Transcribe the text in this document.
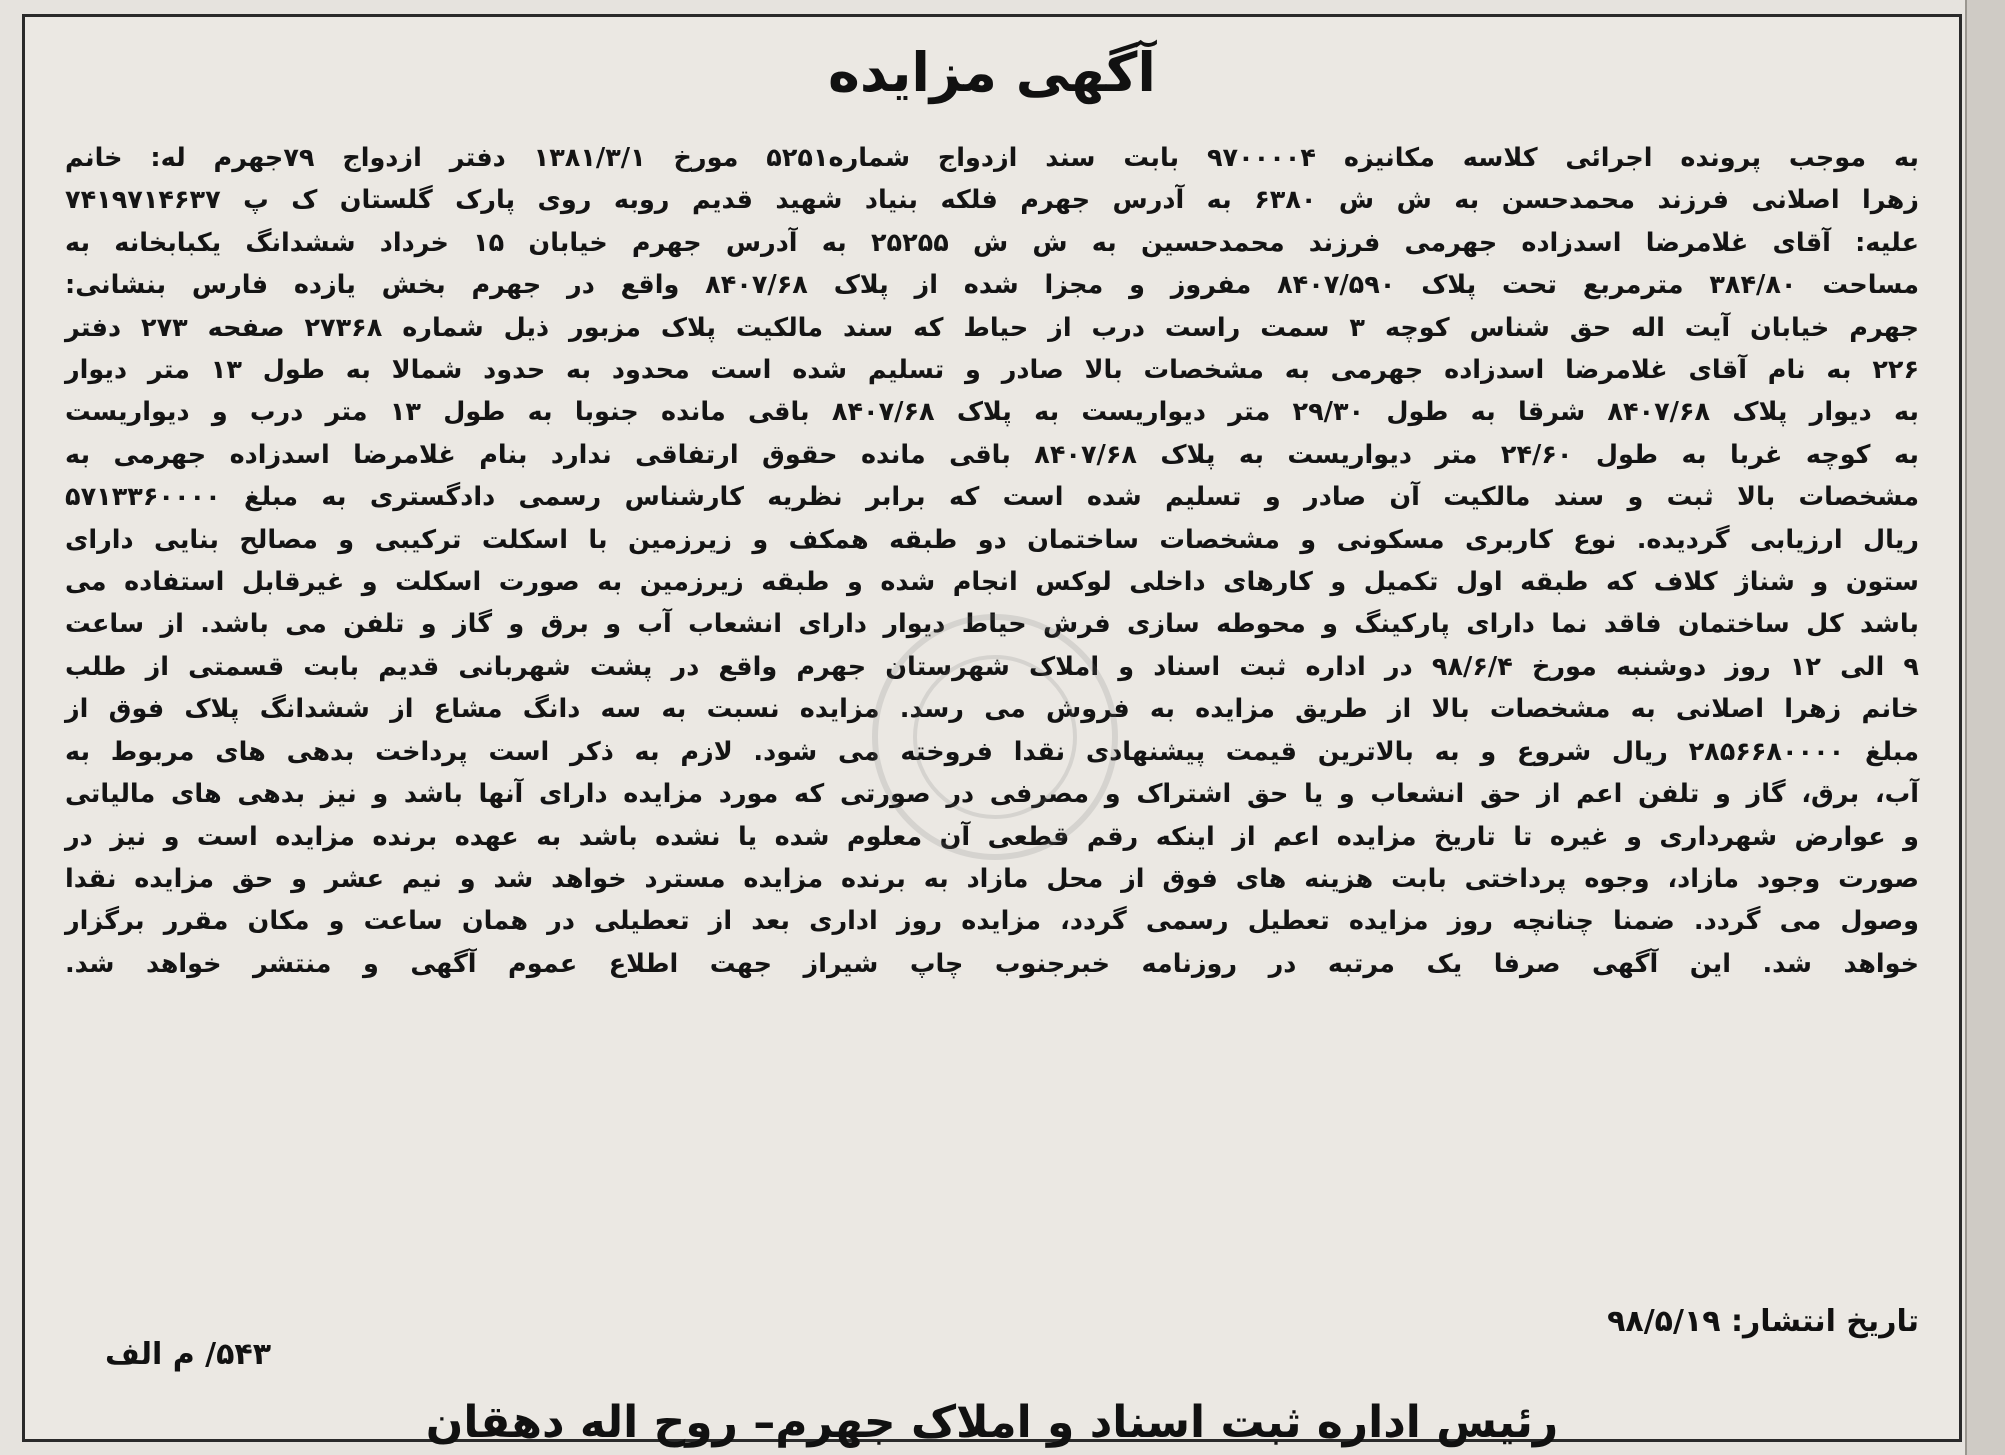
آگهی مزایده
به موجب پرونده اجرائی کلاسه مکانیزه ۹۷۰۰۰۰۴ بابت سند ازدواج شماره۵۲۵۱ مورخ ۱۳۸۱/۳/۱ دفتر ازدواج ۷۹جهرم له: خانم
زهرا اصلانی فرزند محمدحسن به ش ش ۶۳۸۰ به آدرس جهرم فلکه بنیاد شهید قدیم روبه روی پارک گلستان ک پ ۷۴۱۹۷۱۴۶۳۷
علیه: آقای غلامرضا اسدزاده جهرمی فرزند محمدحسین به ش ش ۲۵۲۵۵ به آدرس جهرم خیابان ۱۵ خرداد ششدانگ یکبابخانه به
مساحت ۳۸۴/۸۰ مترمربع تحت پلاک ۸۴۰۷/۵۹۰ مفروز و مجزا شده از پلاک ۸۴۰۷/۶۸ واقع در جهرم بخش یازده فارس بنشانی:
جهرم خیابان آیت اله حق شناس کوچه ۳ سمت راست درب از حیاط که سند مالکیت پلاک مزبور ذیل شماره ۲۷۳۶۸ صفحه ۲۷۳ دفتر
۲۲۶ به نام آقای غلامرضا اسدزاده جهرمی به مشخصات بالا صادر و تسلیم شده است محدود به حدود شمالا به طول ۱۳ متر دیوار
به دیوار پلاک ۸۴۰۷/۶۸ شرقا به طول ۲۹/۳۰ متر دیواریست به پلاک ۸۴۰۷/۶۸ باقی مانده جنوبا به طول ۱۳ متر درب و دیواریست
به کوچه غربا به طول ۲۴/۶۰ متر دیواریست به پلاک ۸۴۰۷/۶۸ باقی مانده حقوق ارتفاقی ندارد بنام غلامرضا اسدزاده جهرمی به
مشخصات بالا ثبت و سند مالکیت آن صادر و تسلیم شده است که برابر نظریه کارشناس رسمی دادگستری به مبلغ ۵۷۱۳۳۶۰۰۰۰
ریال ارزیابی گردیده. نوع کاربری مسکونی و مشخصات ساختمان دو طبقه همکف و زیرزمین با اسکلت ترکیبی و مصالح بنایی دارای
ستون و شناژ کلاف که طبقه اول تکمیل و کارهای داخلی لوکس انجام شده و طبقه زیرزمین به صورت اسکلت و غیرقابل استفاده می
باشد کل ساختمان فاقد نما دارای پارکینگ و محوطه سازی فرش حیاط دیوار دارای انشعاب آب و برق و گاز و تلفن می باشد. از ساعت
۹ الی ۱۲ روز دوشنبه مورخ ۹۸/۶/۴ در اداره ثبت اسناد و املاک شهرستان جهرم واقع در پشت شهربانی قدیم بابت قسمتی از طلب
خانم زهرا اصلانی به مشخصات بالا از طریق مزایده به فروش می رسد. مزایده نسبت به سه دانگ مشاع از ششدانگ پلاک فوق از
مبلغ ۲۸۵۶۶۸۰۰۰۰ ریال شروع و به بالاترین قیمت پیشنهادی نقدا فروخته می شود. لازم به ذکر است پرداخت بدهی های مربوط به
آب، برق، گاز و تلفن اعم از حق انشعاب و یا حق اشتراک و مصرفی در صورتی که مورد مزایده دارای آنها باشد و نیز بدهی های مالیاتی
و عوارض شهرداری و غیره تا تاریخ مزایده اعم از اینکه رقم قطعی آن معلوم شده یا نشده باشد به عهده برنده مزایده است و نیز در
صورت وجود مازاد، وجوه پرداختی بابت هزینه های فوق از محل مازاد به برنده مزایده مسترد خواهد شد و نیم عشر و حق مزایده نقدا
وصول می گردد. ضمنا چنانچه روز مزایده تعطیل رسمی گردد، مزایده روز اداری بعد از تعطیلی در همان ساعت و مکان مقرر برگزار
خواهد شد. این آگهی صرفا یک مرتبه در روزنامه خبرجنوب چاپ شیراز جهت اطلاع عموم آگهی و منتشر خواهد شد.
تاریخ انتشار: ۹۸/۵/۱۹
۵۴۳/ م الف
رئیس اداره ثبت اسناد و املاک جهرم– روح اله دهقان
